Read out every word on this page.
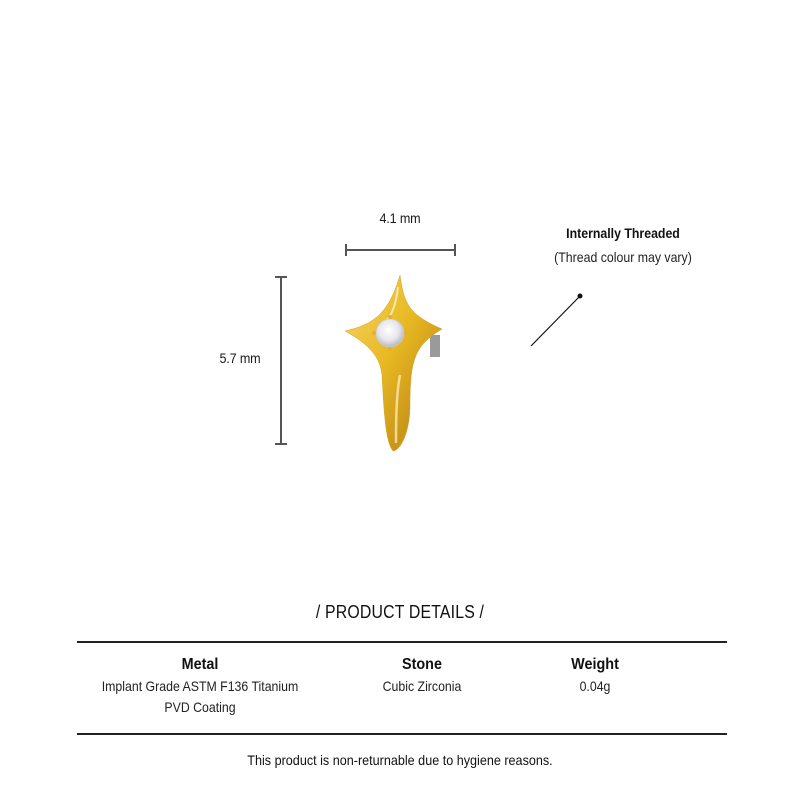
4.1 mm
5.7 mm
Internally Threaded
(Thread colour may vary)
/ PRODUCT DETAILS /
Metal
Implant Grade ASTM F136 Titanium
PVD Coating
Stone
Cubic Zirconia
Weight
0.04g
This product is non-returnable due to hygiene reasons.
